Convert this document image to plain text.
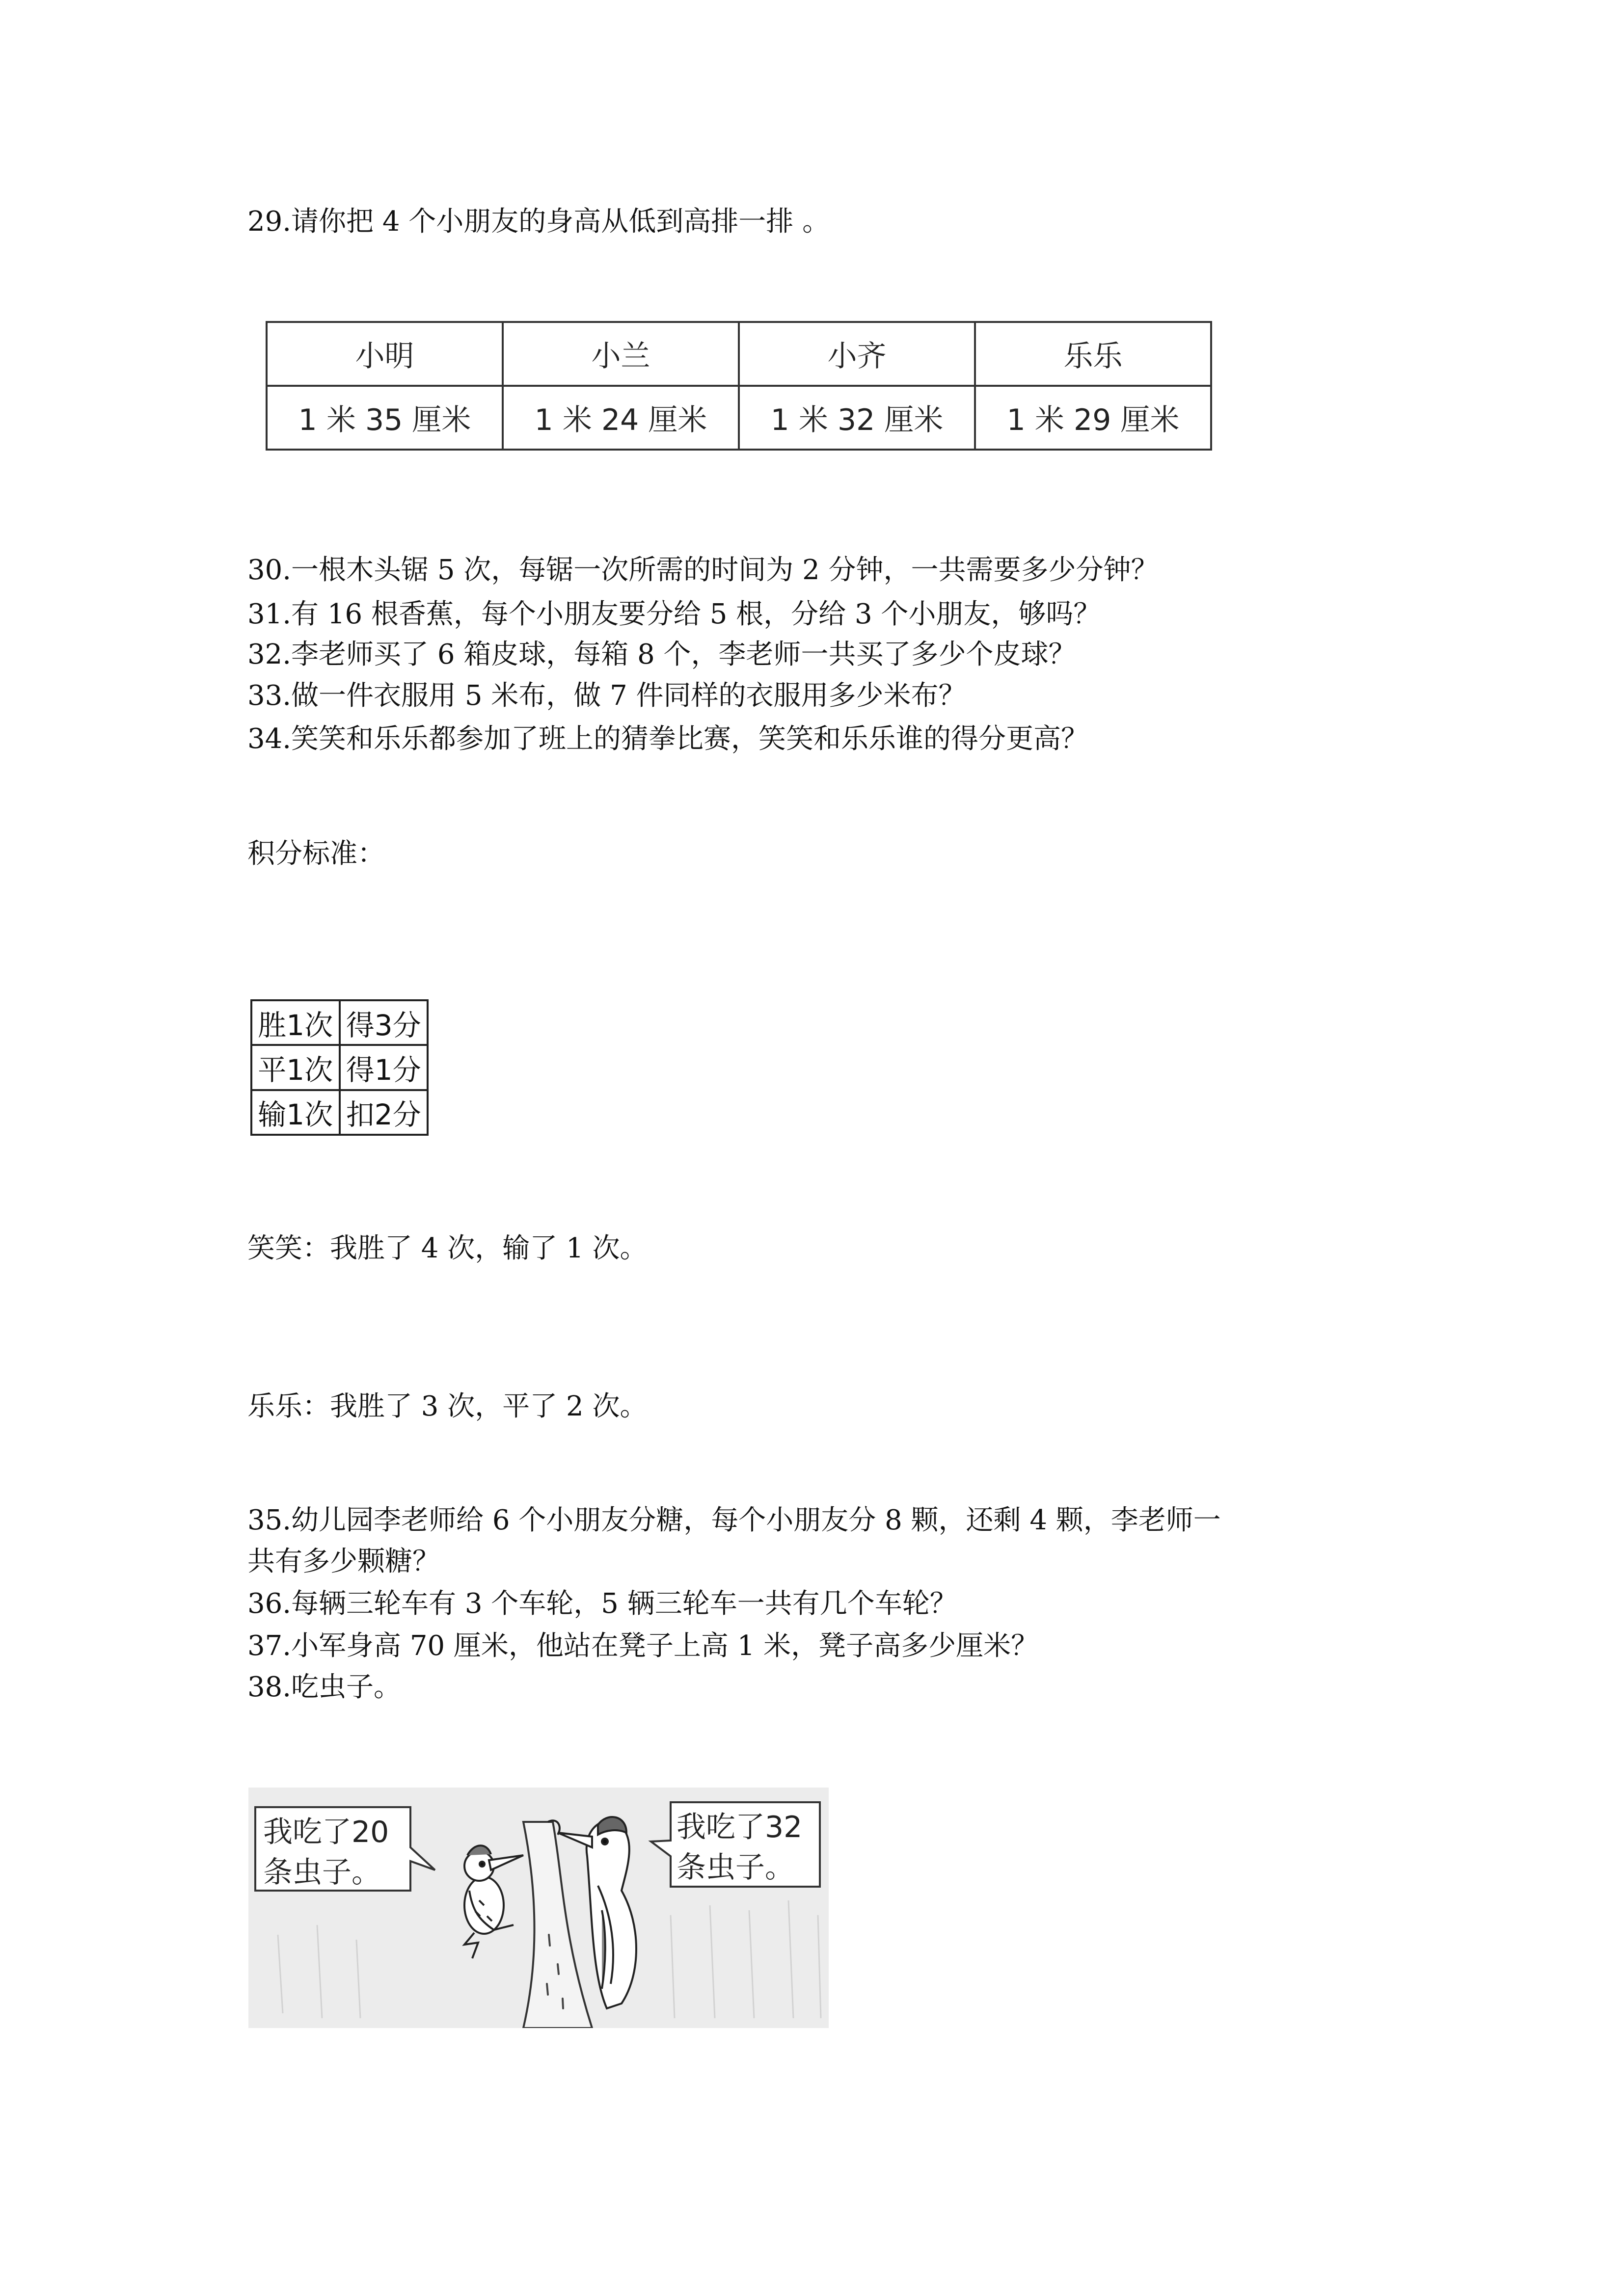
29.请你把 4 个小朋友的身高从低到高排一排 。
小明	小兰	小齐	乐乐
1 米 35 厘米	1 米 24 厘米	1 米 32 厘米	1 米 29 厘米
30.一根木头锯 5 次，每锯一次所需的时间为 2 分钟，一共需要多少分钟？
31.有 16 根香蕉，每个小朋友要分给 5 根，分给 3 个小朋友，够吗？
32.李老师买了 6 箱皮球，每箱 8 个，李老师一共买了多少个皮球？
33.做一件衣服用 5 米布，做 7 件同样的衣服用多少米布？
34.笑笑和乐乐都参加了班上的猜拳比赛，笑笑和乐乐谁的得分更高？
积分标准：
胜1次	得3分
平1次	得1分
输1次	扣2分
笑笑：我胜了 4 次，输了 1 次。
乐乐：我胜了 3 次，平了 2 次。
35.幼儿园李老师给 6 个小朋友分糖，每个小朋友分 8 颗，还剩 4 颗，李老师一
共有多少颗糖？
36.每辆三轮车有 3 个车轮，5 辆三轮车一共有几个车轮？
37.小军身高 70 厘米，他站在凳子上高 1 米，凳子高多少厘米？
38.吃虫子。
我吃了20
条虫子。
我吃了32
条虫子。
